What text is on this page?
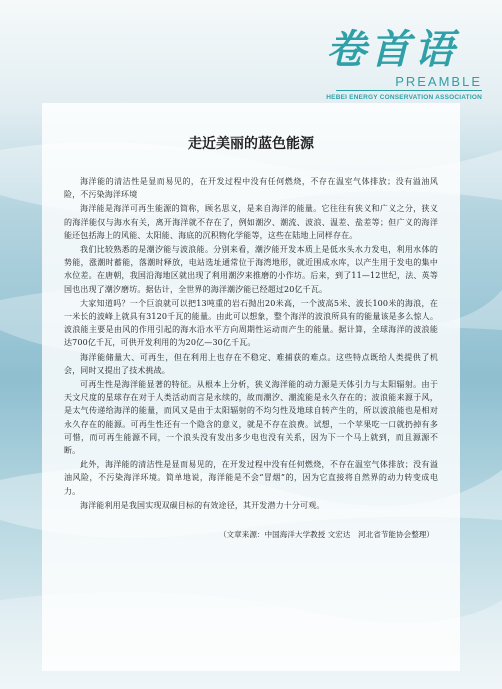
卷首语
PREAMBLE
HEBEI ENERGY CONSERVATION ASSOCIATION
走近美丽的蓝色能源

海洋能的清洁性是显而易见的，在开发过程中没有任何燃烧，不存在温室气体排放；没有溢油风险，不污染海洋环境

海洋能是海洋可再生能源的简称，顾名思义，是来自海洋的能量。它往往有狭义和广义之分，狭义的海洋能仅与海水有关，离开海洋就不存在了，例如潮汐、潮流、波浪、温差、盐差等；但广义的海洋能还包括海上的风能、太阳能、海底的沉积物化学能等，这些在陆地上同样存在。

我们比较熟悉的是潮汐能与波浪能。分别来看，潮汐能开发本质上是低水头水力发电，利用水体的势能，涨潮时蓄能，落潮时释放，电站选址通常位于海湾地形，就近围成水库，以产生用于发电的集中水位差。在唐朝，我国沿海地区就出现了利用潮汐来推磨的小作坊。后来，到了11—12世纪，法、英等国也出现了潮汐磨坊。据估计，全世界的海洋潮汐能已经超过20亿千瓦。

大家知道吗？一个巨浪就可以把13吨重的岩石抛出20米高，一个波高5米、波长100米的海浪，在一米长的波峰上就具有3120千瓦的能量。由此可以想象，整个海洋的波浪所具有的能量该是多么惊人。波浪能主要是由风的作用引起的海水沿水平方向周期性运动而产生的能量。据计算，全球海洋的波浪能达700亿千瓦，可供开发利用的为20亿—30亿千瓦。

海洋能储量大、可再生，但在利用上也存在不稳定、难捕获的难点。这些特点既给人类提供了机会，同时又提出了技术挑战。

可再生性是海洋能显著的特征。从根本上分析，狭义海洋能的动力源是天体引力与太阳辐射。由于天文尺度的星球存在对于人类活动而言是永续的，故而潮汐、潮流能是永久存在的；波浪能来源于风，是太气传递给海洋的能量，而风又是由于太阳辐射的不均匀性及地球自转产生的，所以波浪能也是相对永久存在的能源。可再生性还有一个隐含的意义，就是不存在浪费。试想，一个苹果吃一口就扔掉有多可惜，而可再生能源不同，一个浪头没有发出多少电也没有关系，因为下一个马上就到，而且源源不断。

此外，海洋能的清洁性是显而易见的，在开发过程中没有任何燃烧，不存在温室气体排放；没有溢油风险，不污染海洋环境。简单地说，海洋能是不会“冒烟”的，因为它直接将自然界的动力转变成电力。

海洋能利用是我国实现双碳目标的有效途径，其开发潜力十分可观。

（文章来源：中国海洋大学教授 文宏达　河北省节能协会整理）
